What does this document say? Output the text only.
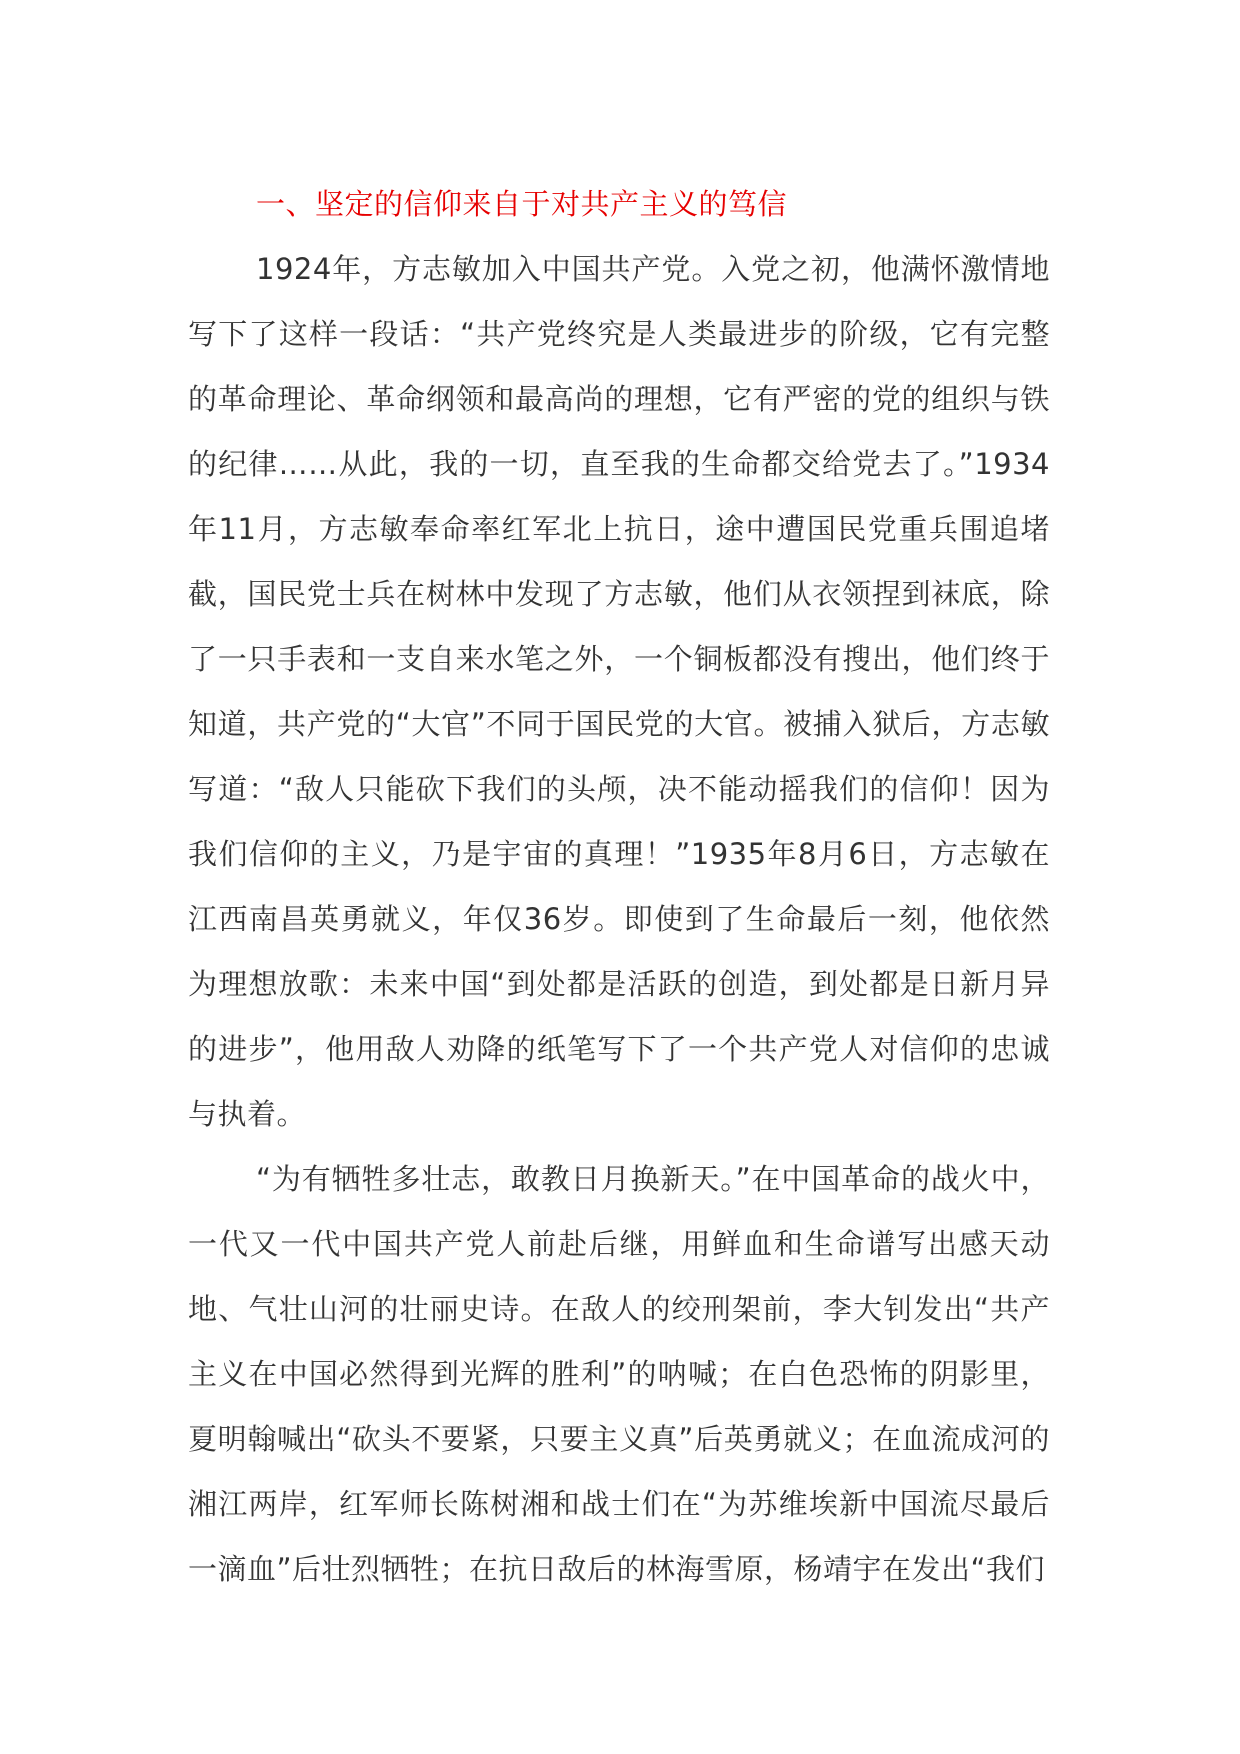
一、坚定的信仰来自于对共产主义的笃信

1924年，方志敏加入中国共产党。入党之初，他满怀激情地写下了这样一段话：“共产党终究是人类最进步的阶级，它有完整的革命理论、革命纲领和最高尚的理想，它有严密的党的组织与铁的纪律……从此，我的一切，直至我的生命都交给党去了。”1934年11月，方志敏奉命率红军北上抗日，途中遭国民党重兵围追堵截，国民党士兵在树林中发现了方志敏，他们从衣领捏到袜底，除了一只手表和一支自来水笔之外，一个铜板都没有搜出，他们终于知道，共产党的“大官”不同于国民党的大官。被捕入狱后，方志敏写道：“敌人只能砍下我们的头颅，决不能动摇我们的信仰！因为我们信仰的主义，乃是宇宙的真理！”1935年8月6日，方志敏在江西南昌英勇就义，年仅36岁。即使到了生命最后一刻，他依然为理想放歌：未来中国“到处都是活跃的创造，到处都是日新月异的进步”，他用敌人劝降的纸笔写下了一个共产党人对信仰的忠诚与执着。

“为有牺牲多壮志，敢教日月换新天。”在中国革命的战火中，一代又一代中国共产党人前赴后继，用鲜血和生命谱写出感天动地、气壮山河的壮丽史诗。在敌人的绞刑架前，李大钊发出“共产主义在中国必然得到光辉的胜利”的呐喊；在白色恐怖的阴影里，夏明翰喊出“砍头不要紧，只要主义真”后英勇就义；在血流成河的湘江两岸，红军师长陈树湘和战士们在“为苏维埃新中国流尽最后一滴血”后壮烈牺牲；在抗日敌后的林海雪原，杨靖宇在发出“我们
